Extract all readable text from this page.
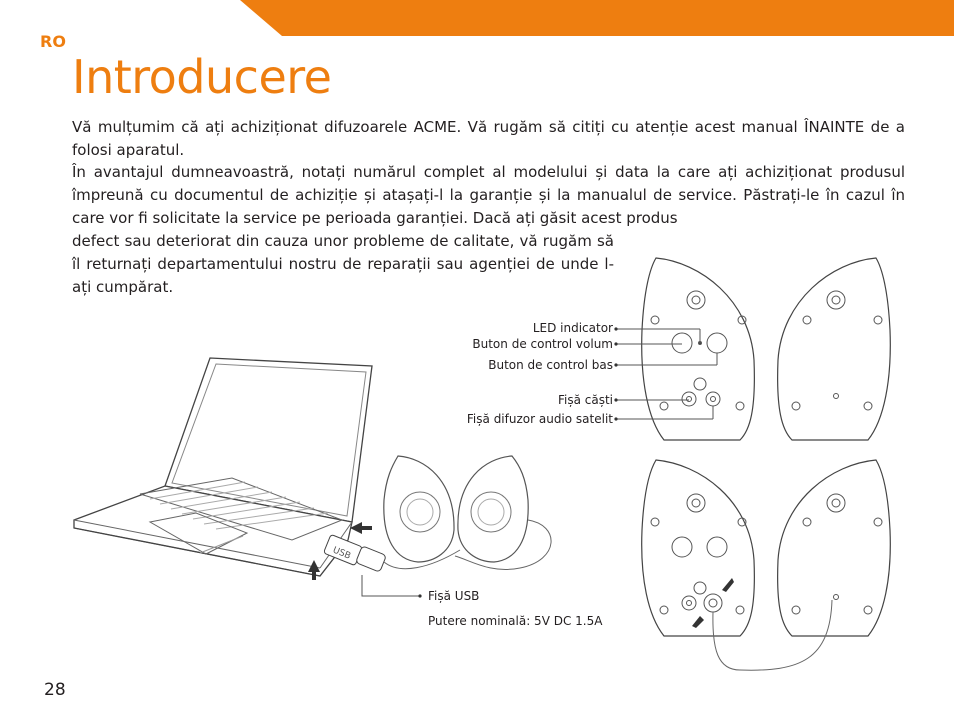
RO
Introducere

Vă mulțumim că ați achiziționat difuzoarele ACME. Vă rugăm să citiți cu atenție acest manual ÎNAINTE de a folosi aparatul.

În avantajul dumneavoastră, notați numărul complet al modelului și data la care ați achiziționat produsul împreună cu documentul de achiziție și atașați-l la garanție și la manualul de service. Păstrați-le în cazul în care vor fi solicitate la service pe perioada garanției. Dacă ați găsit acest produs

defect sau deteriorat din cauza unor probleme de calitate, vă rugăm să îl returnați departamentului nostru de reparații sau agenției de unde l-ați cumpărat.

USB
LED indicator
Buton de control volum
Buton de control bas
Fișă căști
Fișă difuzor audio satelit
Fișă USB
Putere nominală: 5V DC 1.5A
28
